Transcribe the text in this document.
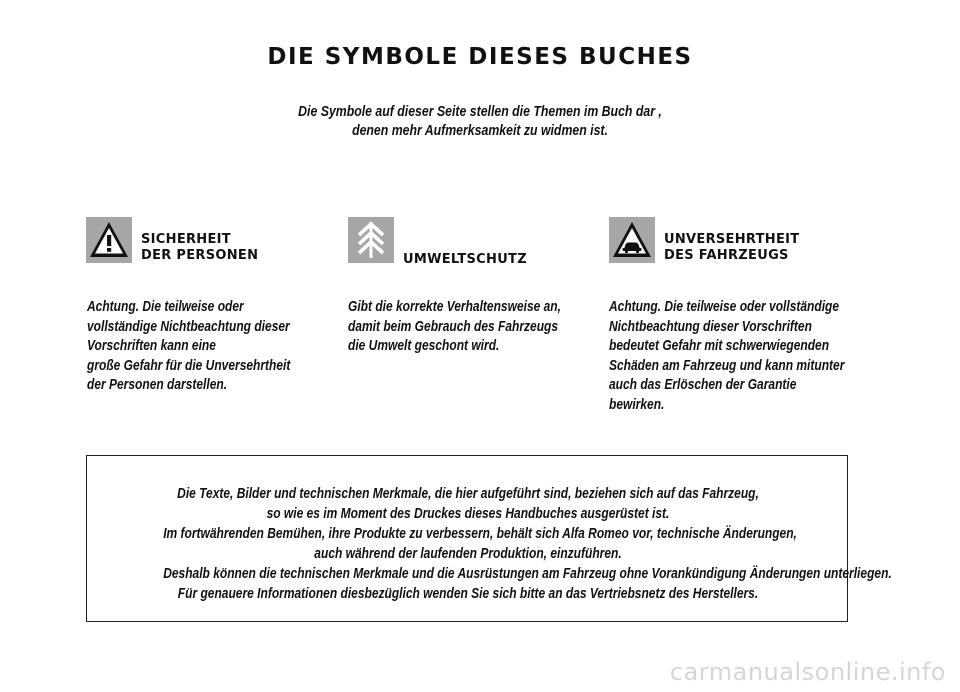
DIE SYMBOLE DIESES BUCHES
Die Symbole auf dieser Seite stellen die Themen im Buch dar ,
denen mehr Aufmerksamkeit zu widmen ist.
SICHERHEIT
DER PERSONEN
Achtung. Die teilweise oder
vollständige Nichtbeachtung dieser
Vorschriften kann eine
große Gefahr für die Unversehrtheit
der Personen darstellen.
UMWELTSCHUTZ
Gibt die korrekte Verhaltensweise an,
damit beim Gebrauch des Fahrzeugs
die Umwelt geschont wird.
UNVERSEHRTHEIT
DES FAHRZEUGS
Achtung. Die teilweise oder vollständige
Nichtbeachtung dieser Vorschriften
bedeutet Gefahr mit schwerwiegenden
Schäden am Fahrzeug und kann mitunter
auch das Erlöschen der Garantie
bewirken.
Die Texte, Bilder und technischen Merkmale, die hier aufgeführt sind, beziehen sich auf das Fahrzeug,
so wie es im Moment des Druckes dieses Handbuches ausgerüstet ist.
Im fortwährenden Bemühen, ihre Produkte zu verbessern, behält sich Alfa Romeo vor, technische Änderungen,
auch während der laufenden Produktion, einzuführen.
Deshalb können die technischen Merkmale und die Ausrüstungen am Fahrzeug ohne Vorankündigung Änderungen unterliegen.
Für genauere Informationen diesbezüglich wenden Sie sich bitte an das Vertriebsnetz des Herstellers.
carmanualsonline.info
